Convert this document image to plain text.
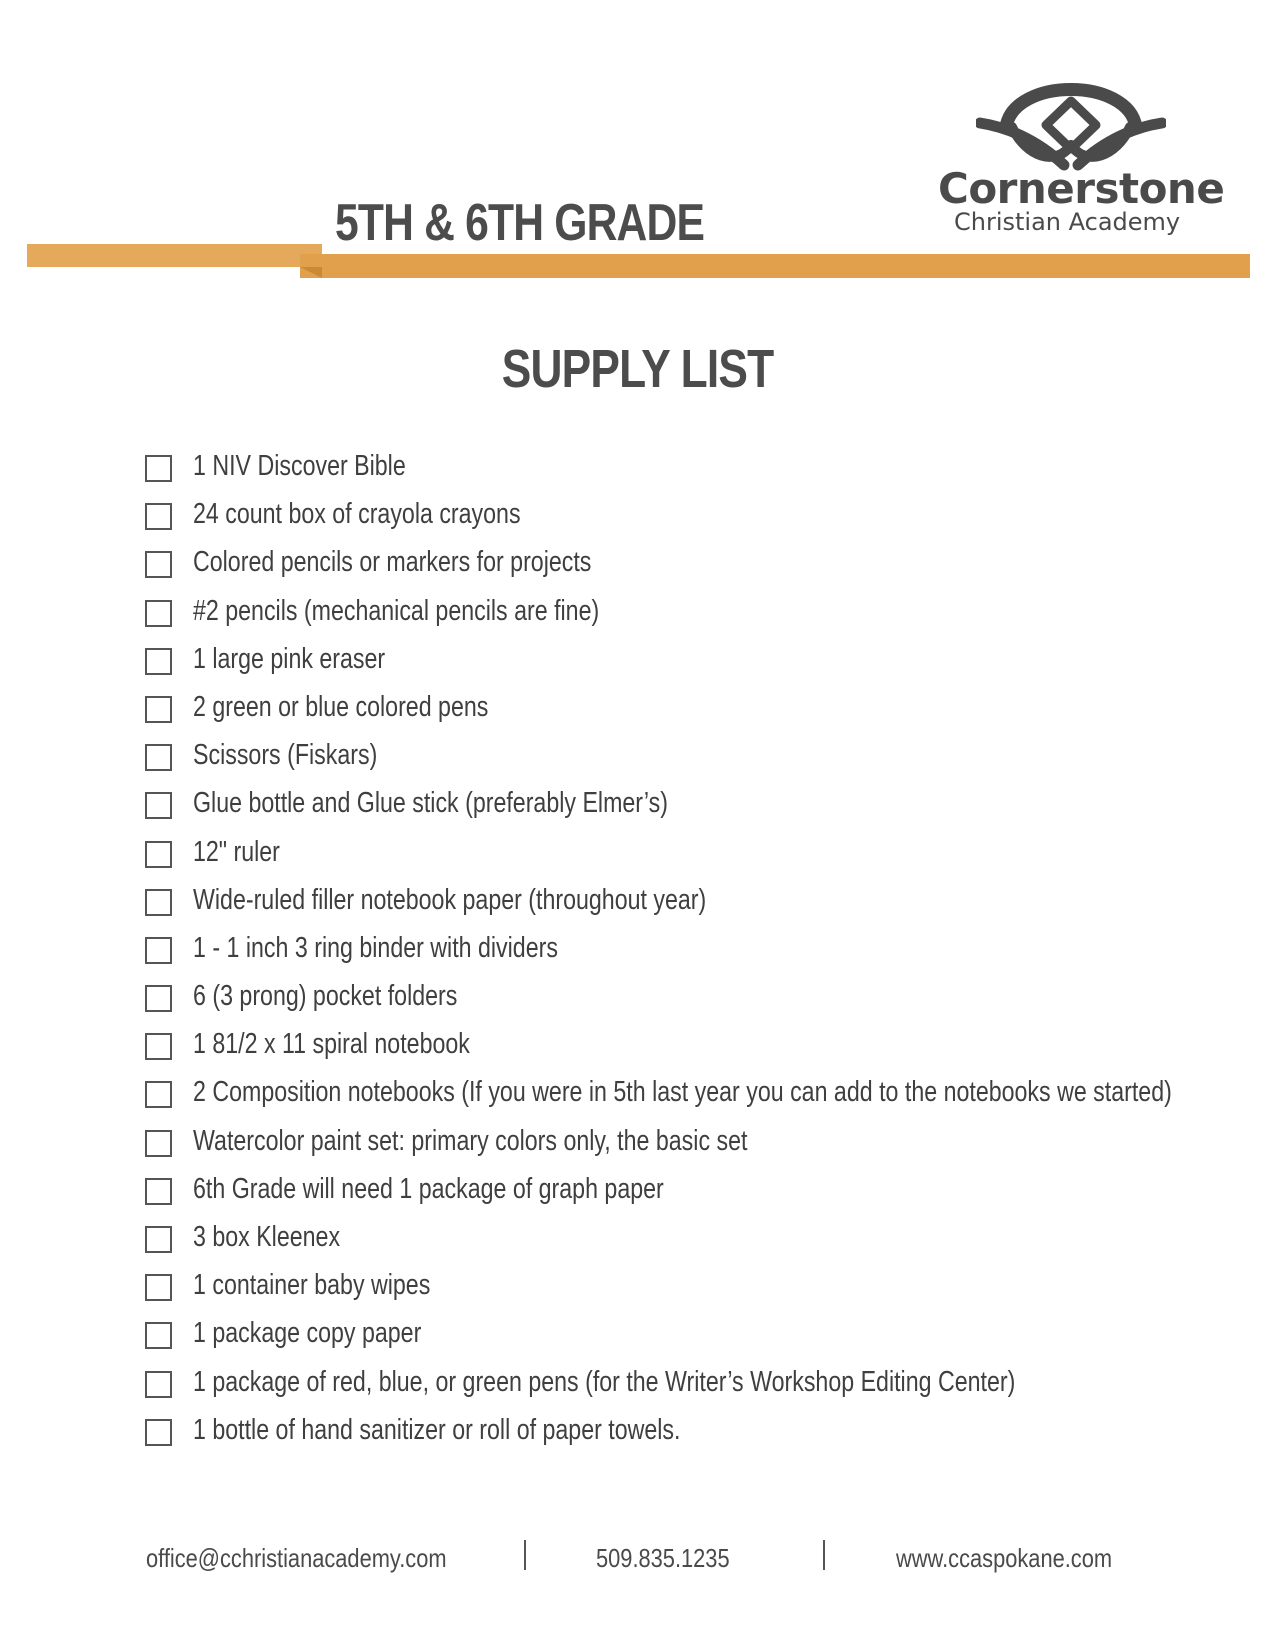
5TH & 6TH GRADE
Cornerstone
Christian Academy
SUPPLY LIST
1 NIV Discover Bible
24 count box of crayola crayons
Colored pencils or markers for projects
#2 pencils (mechanical pencils are fine)
1 large pink eraser
2 green or blue colored pens
Scissors (Fiskars)
Glue bottle and Glue stick (preferably Elmer’s)
12" ruler
Wide-ruled filler notebook paper (throughout year)
1 - 1 inch 3 ring binder with dividers
6 (3 prong) pocket folders
1 81/2 x 11 spiral notebook
2 Composition notebooks (If you were in 5th last year you can add to the notebooks we started)
Watercolor paint set: primary colors only, the basic set
6th Grade will need 1 package of graph paper
3 box Kleenex
1 container baby wipes
1 package copy paper
1 package of red, blue, or green pens (for the Writer’s Workshop Editing Center)
1 bottle of hand sanitizer or roll of paper towels.
office@cchristianacademy.com	509.835.1235	www.ccaspokane.com
